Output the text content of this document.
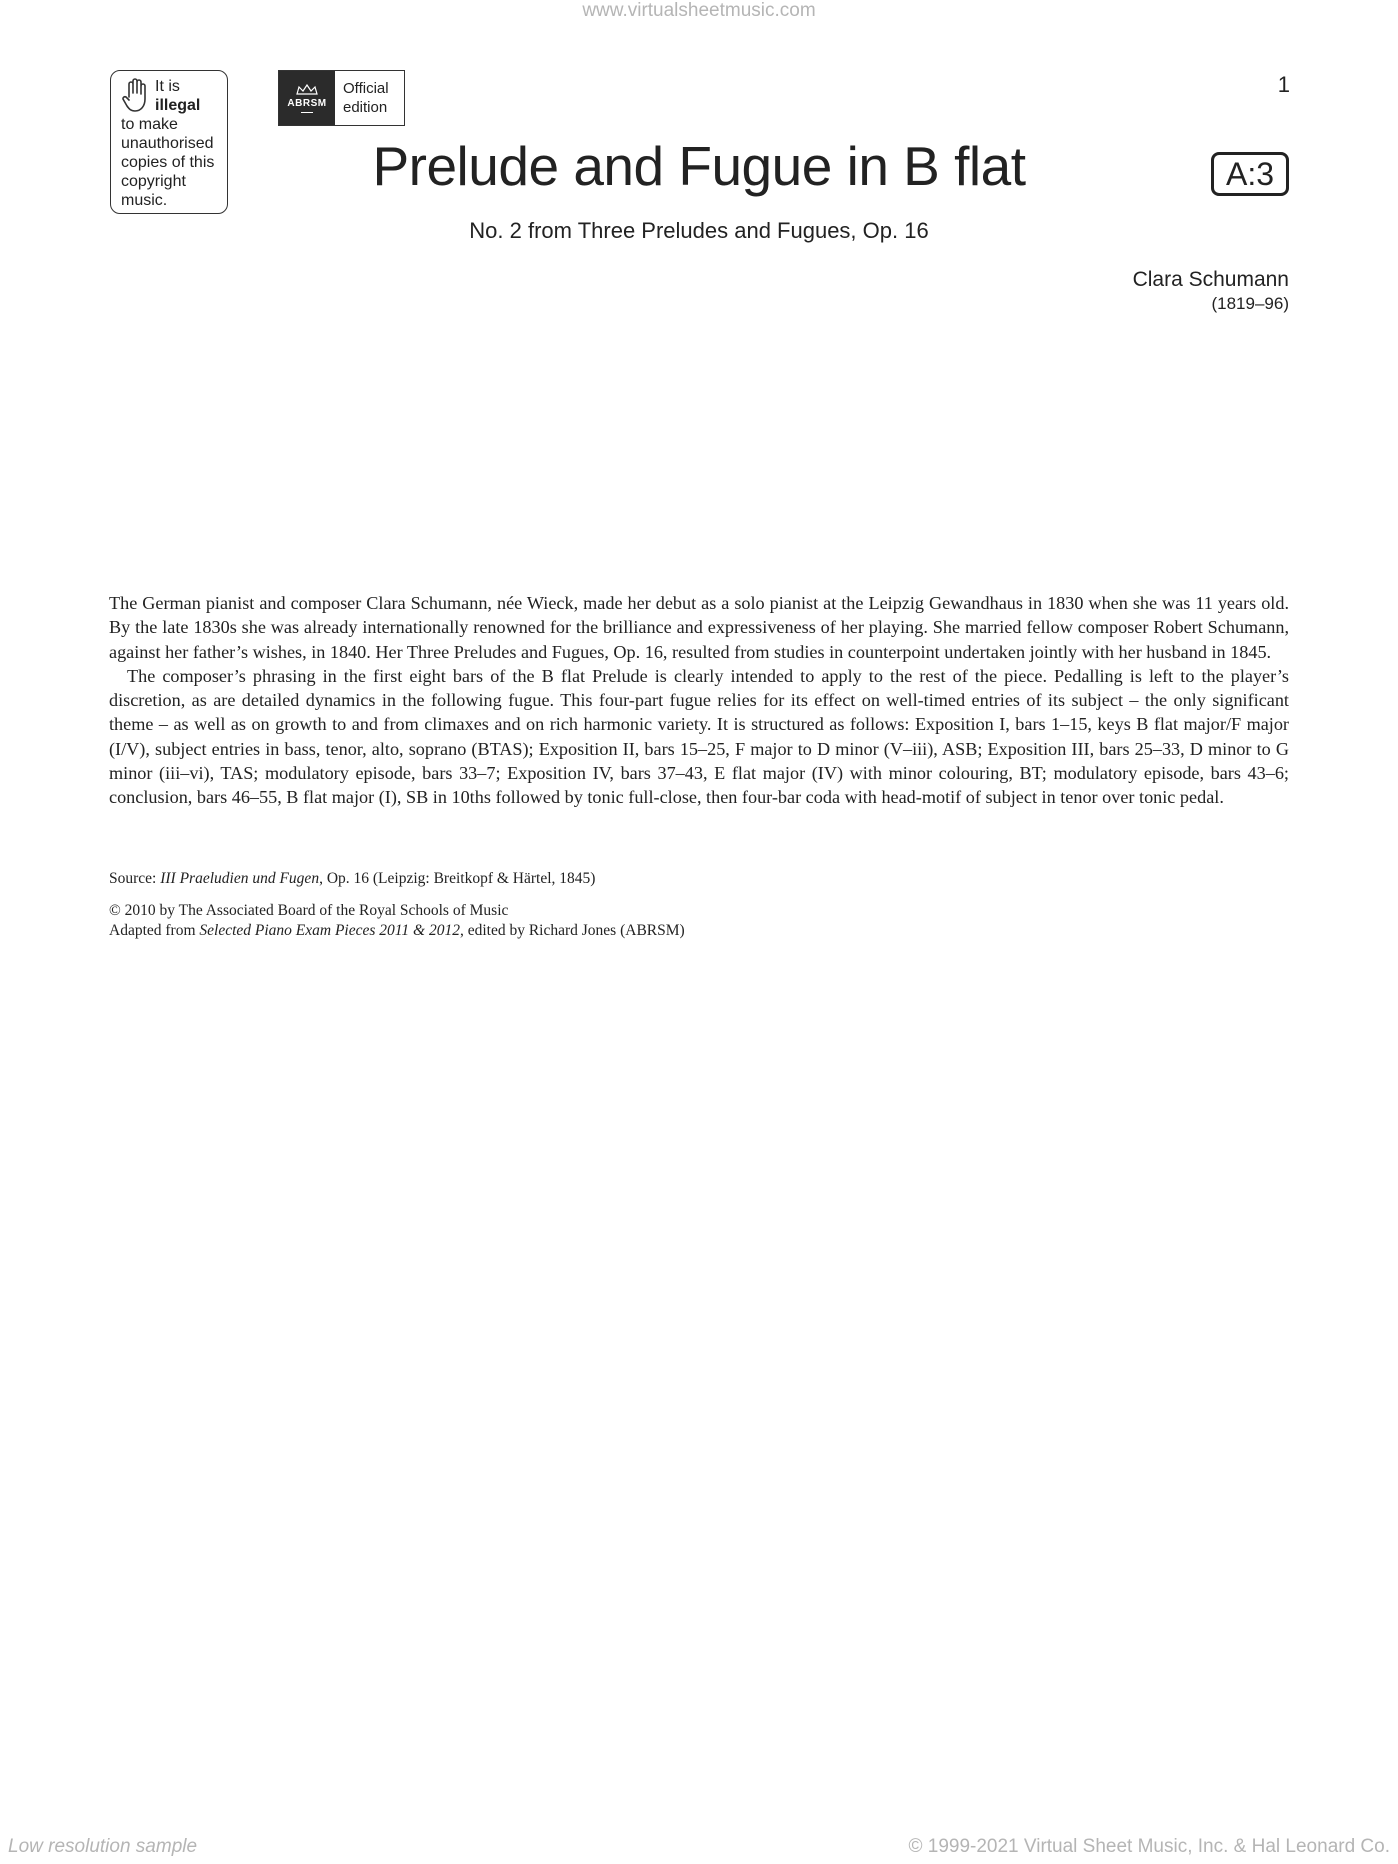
www.virtualsheetmusic.com
It is
illegal
to make
unauthorised
copies of this
copyright
music.
ABRSM
Official
edition
1
Prelude and Fugue in B flat	A:3
No. 2 from Three Preludes and Fugues, Op. 16
Clara Schumann
(1819–96)

The German pianist and composer Clara Schumann, née Wieck, made her debut as a solo pianist at the Leipzig Gewandhaus in 1830 when she was 11 years old. By the late 1830s she was already internationally renowned for the brilliance and expressiveness of her playing. She married fellow composer Robert Schumann, against her father’s wishes, in 1840. Her Three Preludes and Fugues, Op. 16, resulted from studies in counterpoint undertaken jointly with her husband in 1845.

The composer’s phrasing in the first eight bars of the B flat Prelude is clearly intended to apply to the rest of the piece. Pedalling is left to the player’s discretion, as are detailed dynamics in the following fugue. This four-part fugue relies for its effect on well-timed entries of its subject – the only significant theme – as well as on growth to and from climaxes and on rich harmonic variety. It is structured as follows: Exposition I, bars 1–15, keys B flat major/F major (I/V), subject entries in bass, tenor, alto, soprano (BTAS); Exposition II, bars 15–25, F major to D minor (V–iii), ASB; Exposition III, bars 25–33, D minor to G minor (iii–vi), TAS; modulatory episode, bars 33–7; Exposition IV, bars 37–43, E flat major (IV) with minor colouring, BT; modulatory episode, bars 43–6; conclusion, bars 46–55, B flat major (I), SB in 10ths followed by tonic full-close, then four-bar coda with head-motif of subject in tenor over tonic pedal.

Source: III Praeludien und Fugen, Op. 16 (Leipzig: Breitkopf & Härtel, 1845)
© 2010 by The Associated Board of the Royal Schools of Music
Adapted from Selected Piano Exam Pieces 2011 & 2012, edited by Richard Jones (ABRSM)
Low resolution sample	© 1999-2021 Virtual Sheet Music, Inc. & Hal Leonard Co.
